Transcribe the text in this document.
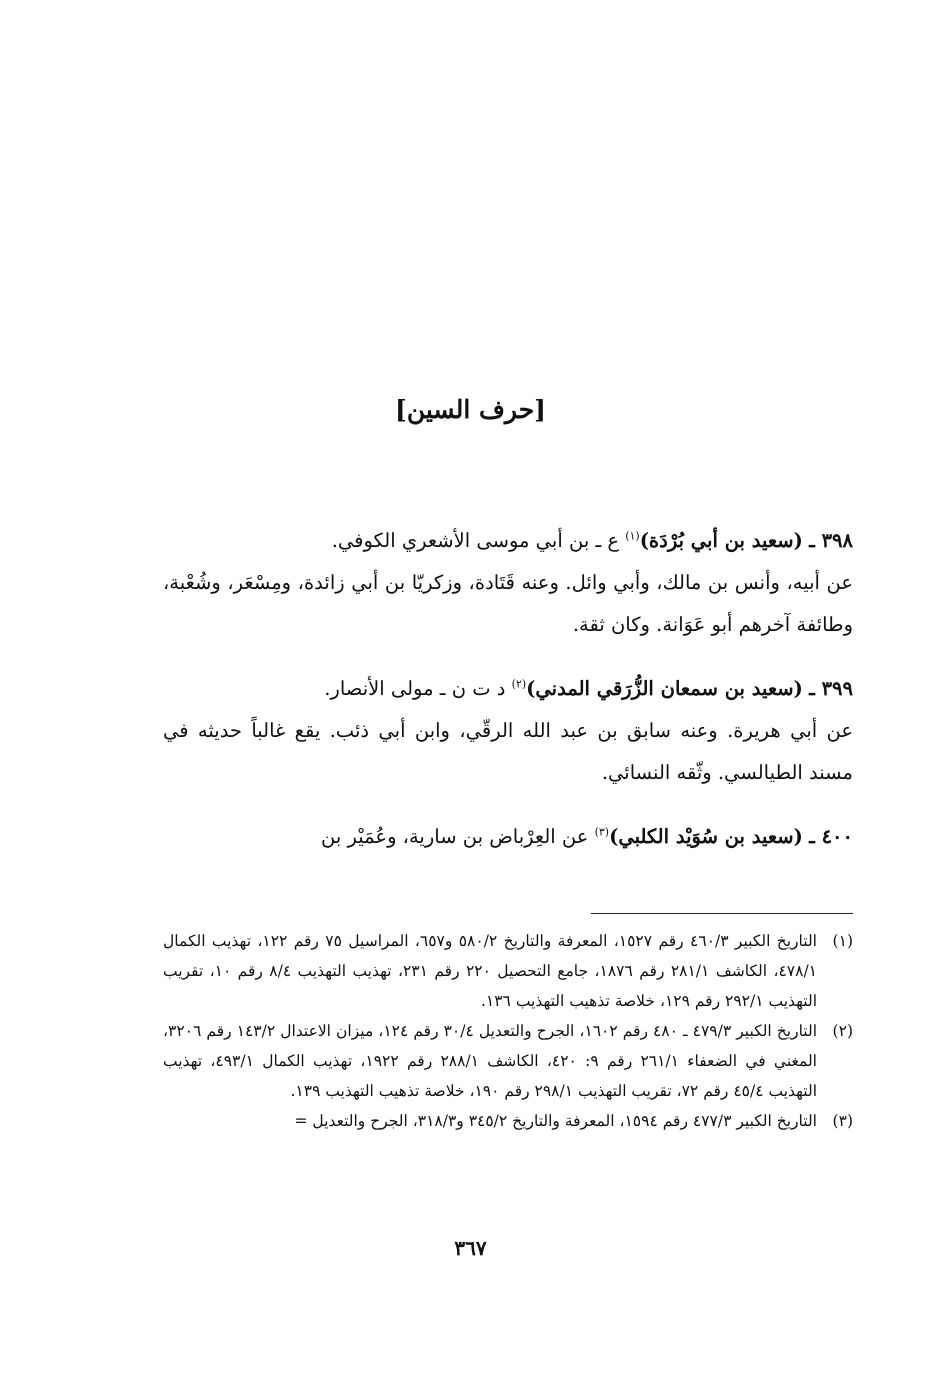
[حرف السين]

٣٩٨ ـ (سعيد بن أبي بُرْدَة)$^{(١)}$ ع ـ بن أبي موسى الأشعري الكوفي.
عن أبيه، وأنس بن مالك، وأبي وائل. وعنه قَتَادة، وزكريّا بن أبي زائدة، ومِسْعَر، وشُعْبة، وطائفة آخرهم أبو عَوَانة. وكان ثقة.

٣٩٩ ـ (سعيد بن سمعان الزُّرَقي المدني)$^{(٢)}$ د ت ن ـ مولى الأنصار.
عن أبي هريرة. وعنه سابق بن عبد الله الرقّي، وابن أبي ذئب. يقع غالباً حديثه في مسند الطيالسي. وثّقه النسائي.

٤٠٠ ـ (سعيد بن سُوَيْد الكلبي)$^{(٣)}$ عن العِرْباض بن سارية، وعُمَيْر بن

(١)
التاريخ الكبير ٤٦٠/٣ رقم ١٥٢٧، المعرفة والتاريخ ٥٨٠/٢ و٦٥٧، المراسيل ٧٥ رقم ١٢٢، تهذيب الكمال ٤٧٨/١، الكاشف ٢٨١/١ رقم ١٨٧٦، جامع التحصيل ٢٢٠ رقم ٢٣١، تهذيب التهذيب ٨/٤ رقم ١٠، تقريب التهذيب ٢٩٢/١ رقم ١٢٩، خلاصة تذهيب التهذيب ١٣٦.
(٢)
التاريخ الكبير ٤٧٩/٣ ـ ٤٨٠ رقم ١٦٠٢، الجرح والتعديل ٣٠/٤ رقم ١٢٤، ميزان الاعتدال ١٤٣/٢ رقم ٣٢٠٦، المغني في الضعفاء ٢٦١/١ رقم ٩: ٤٢٠، الكاشف ٢٨٨/١ رقم ١٩٢٢، تهذيب الكمال ٤٩٣/١، تهذيب التهذيب ٤٥/٤ رقم ٧٢، تقريب التهذيب ٢٩٨/١ رقم ١٩٠، خلاصة تذهيب التهذيب ١٣٩.
(٣)
التاريخ الكبير ٤٧٧/٣ رقم ١٥٩٤، المعرفة والتاريخ ٣٤٥/٢ و٣١٨/٣، الجرح والتعديل =
٣٦٧
